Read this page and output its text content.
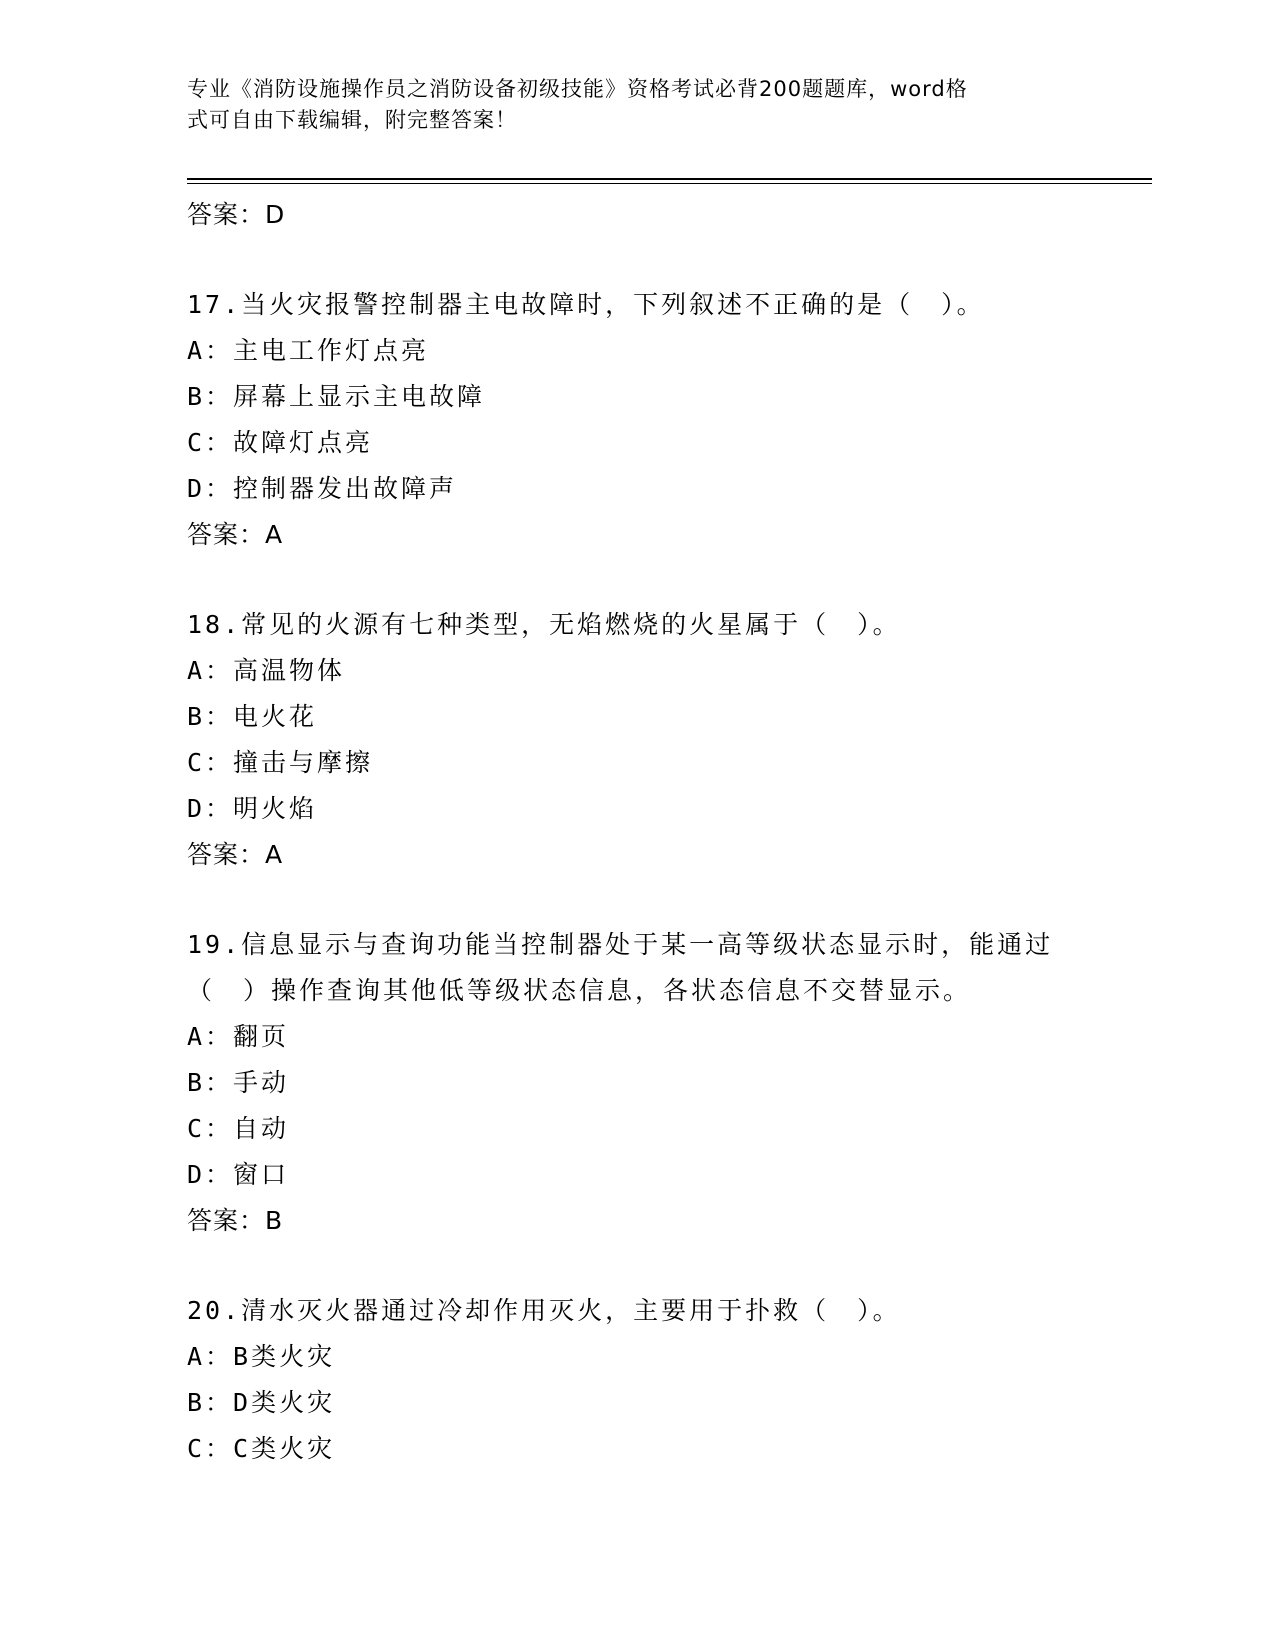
专业《消防设施操作员之消防设备初级技能》资格考试必背200题题库，word格
式可自由下载编辑，附完整答案！
答案：D
17.当火灾报警控制器主电故障时，下列叙述不正确的是（　）。
A：主电工作灯点亮
B：屏幕上显示主电故障
C：故障灯点亮
D：控制器发出故障声
答案：A
18.常见的火源有七种类型，无焰燃烧的火星属于（　）。
A：高温物体
B：电火花
C：撞击与摩擦
D：明火焰
答案：A
19.信息显示与查询功能当控制器处于某一高等级状态显示时，能通过
（　）操作查询其他低等级状态信息，各状态信息不交替显示。
A：翻页
B：手动
C：自动
D：窗口
答案：B
20.清水灭火器通过冷却作用灭火，主要用于扑救（　）。
A：B类火灾
B：D类火灾
C：C类火灾
